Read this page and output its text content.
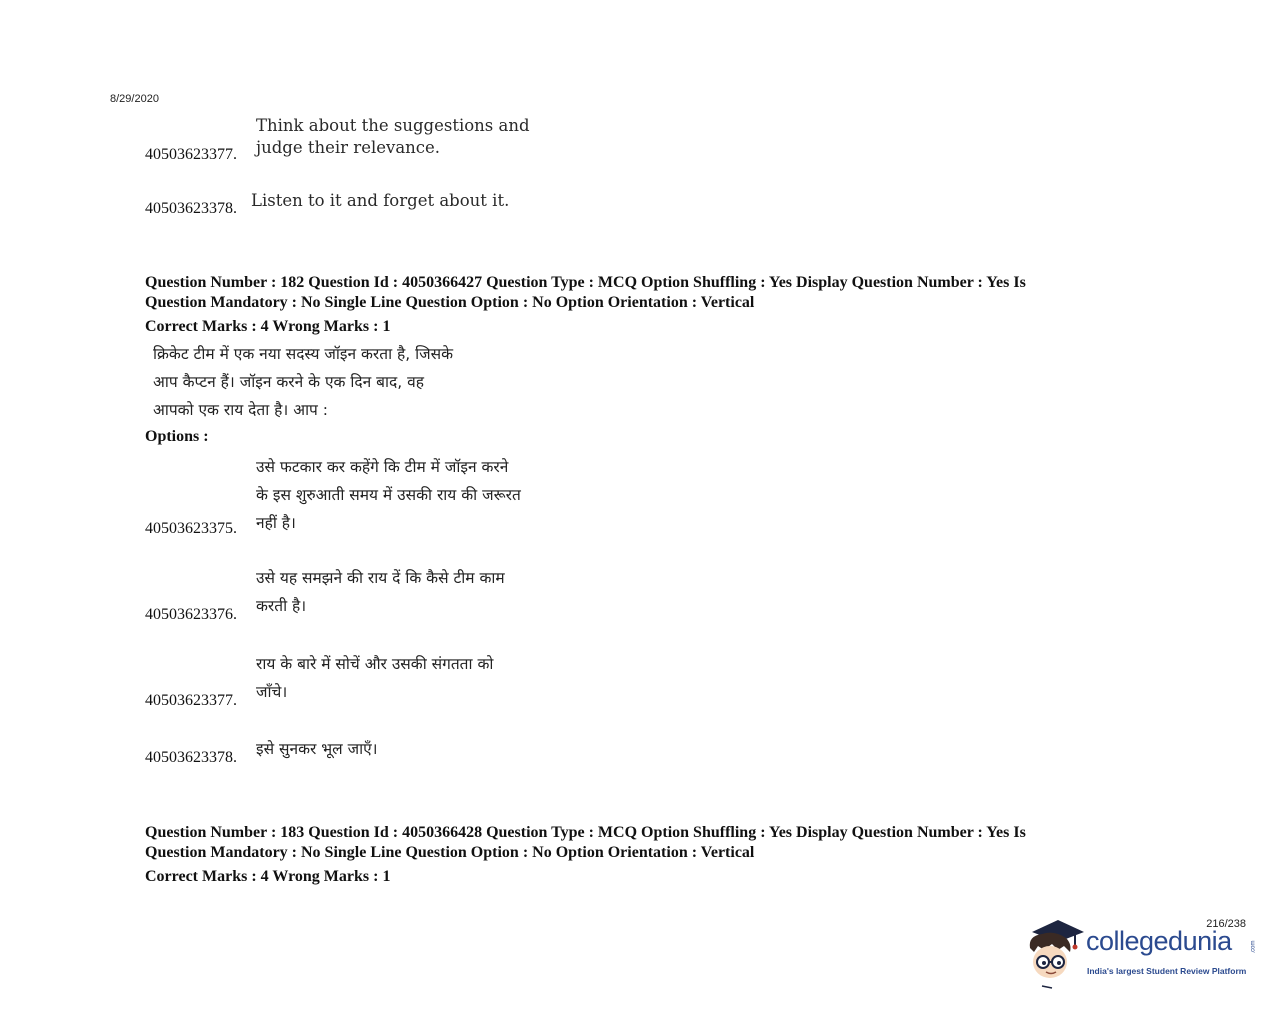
8/29/2020
Think about the suggestions and
judge their relevance.
40503623377.
Listen to it and forget about it.
40503623378.
Question Number : 182 Question Id : 4050366427 Question Type : MCQ Option Shuffling : Yes Display Question Number : Yes Is
Question Mandatory : No Single Line Question Option : No Option Orientation : Vertical
Correct Marks : 4 Wrong Marks : 1
क्रिकेट टीम में एक नया सदस्य जॉइन करता है, जिसके
आप कैप्टन हैं। जॉइन करने के एक दिन बाद, वह
आपको एक राय देता है। आप :
Options :
उसे फटकार कर कहेंगे कि टीम में जॉइन करने
के इस शुरुआती समय में उसकी राय की जरूरत
नहीं है।
40503623375.
उसे यह समझने की राय दें कि कैसे टीम काम
करती है।
40503623376.
राय के बारे में सोचें और उसकी संगतता को
जाँचे।
40503623377.
इसे सुनकर भूल जाएँ।
40503623378.
Question Number : 183 Question Id : 4050366428 Question Type : MCQ Option Shuffling : Yes Display Question Number : Yes Is
Question Mandatory : No Single Line Question Option : No Option Orientation : Vertical
Correct Marks : 4 Wrong Marks : 1
216/238
collegedunia	.com
India's largest Student Review Platform
